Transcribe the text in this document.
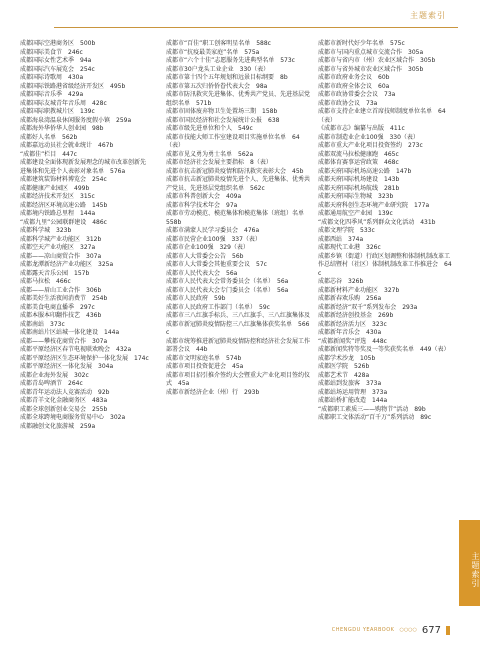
主题索引
成都国际空港商务区　500b
成都国际美食节　246c
成都国际女性艺术季　94a
成都国际汽车展览会　254c
成都国际诗歌周　430a
成都国际铁路港省级经济开发区　495b
成都国际音乐季　429a
成都国际友城青年音乐周　428c
成都国际职教城片区　139c
成都海泉湾温泉休闲服务度假小镇　259a
成都海外华侨华人创业园　98b
成都好人名单　562b
成都嘉远动员社会就业统计　467b
“成都佳”栏目　447c
成都建设全面体现新发展理念的城市改革创新先进集体和先进个人表彰对象名单　576a
成都建筑装饰材料博览会　254c
成都健康产业园区　499b
成都经济技术开发区　315c
成都经济区环境高速公路　145b
成都境内铁路总里程　144a
“成都九里”公园联群建设　486c
成都科学城　323b
成都科学城产业功能区　312b
成都空天产业功能区　327a
成都——凉山商贸合作　307a
成都龙潭新经济产业功能区　325a
成都露天音乐公园　157b
成都马拉松　466c
成都——眉山工业合作　306b
成都美好生活夜间消费节　254b
成都美食电商直播季　297c
成都本服本印翻作技艺　436b
成都南站　373c
成都南站片区站城一体化建设　144a
成都——攀枝花商贸合作　307a
成都平原经济区春节电视联欢晚会　432a
成都平原经济区生态环境保护一体化发展　174c
成都平原经济区一体化发展　304a
成都企业海外发展　302c
成都青岛啤酒节　264c
成都青年运动法人竞赛活动　92b
成都青羊文化金融商务区　483a
成都全球创新创业交易会　255b
成都全球跨境电商服务贸易中心　302a
成都融创文化旅游城　259a
成都市“百佳”职工创客明星名单　588c
成都市“抗疫最美家庭”名单　575a
成都市“六个十佳”志愿服务先进典型名单　573c
成都市30户龙头工业企业　330（表）
成都市第十四个五年规划和远景目标纲要　8b
成都市第五次归侨侨眷代表大会　98a
成都市防汛救灾先进集体、优秀共产党员、先进基层党组织名单　571b
成都市固体废弃物卫生处置场三期　158b
成都市国民经济和社会发展统计公报　638
成都市级先进单位和个人　549c
成都市技能大师工作室建设项目实施单位名单　64（表）
成都市见义勇为勇士名单　562a
成都市经济社会发展主要指标　8（表）
成都市抗击新冠肺炎疫情和防汛救灾表彰大会　45b
成都市抗击新冠肺炎疫情先进个人、先进集体、优秀共产党员、先进基层党组织名单　562c
成都市科普创新大会　409a
成都市科学技术年会　97a
成都市劳动模范、模范集体和模范集体（班组）名单　558b
成都市满蒙人民学习委员会　476a
成都市民营企业100强　337（表）
成都市企业100强　329（表）
成都市人大常委会公告　56b
成都市人大常委会其他重要会议　57c
成都市人民代表大会　56a
成都市人民代表大会常务委员会（名单）　56a
成都市人民代表大会专门委员会（名单）　56a
成都市人民政府　59b
成都市人民政府工作部门（名单）　59c
成都市三八红旗手标兵、三八红旗手、三八红旗集体及成都市新冠肺炎疫情防控三八红旗集体获奖名单　566c
成都市统筹推进新冠肺炎疫情防控和经济社会发展工作部署会议　44b
成都市文明家庭名单　574b
成都市项目投资促进会　45a
成都市项目招引推介签约大会暨重大产业化项目签约仪式　45a
成都市新经济企业（州）行　293b
成都市新时代好少年名单　575c
成都市与国内重点城市交流合作　305a
成都市与省内市（州）农业区域合作　305b
成都市与省外城市农业区域合作　305b
成都市政府业务会议　60b
成都市政府全体会议　60a
成都市政协常委会会议　73a
成都市政协会议　73a
成都市支持企业建立首席技师制度单位名单　64（表）
《成都市志》编纂与出版　411c
成都市制造业企业100强　330（表）
成都市重大产业化项目投资签约　273c
成都双流马拉松健康跑　465c
成都体育赛事运营政策　468c
成都天府国际机场高速公路　147b
成都天府国际机场建设　143b
成都天府国际机场航线　281b
成都天府国际生物城　323b
成都天府科创生态环境产业研究院　177a
成都通用航空产业园　139c
“成都文化四季风”系列群众文化活动　431b
成都文理学院　533c
成都西站　374a
成都现代工业港　326c
成都乡镇（街道）行政区划调整和体制机制改革工作总结暨村（社区）体制机制改革工作推进会　64c
成都芯谷　326b
成都新材料产业功能区　327b
成都新春欢乐购　256a
成都新经济“双千”系列发布会　293a
成都新经济创投基金　269b
成都新经济活力区　323c
成都新年音乐会　430a
“成都新闻奖”评选　448c
成都新闻奖特等奖及一等奖获奖名单　449（表）
成都学术沙龙　105b
成都医学院　526b
成都艺术节　428a
成都站到发旅客　373a
成都站场运用管理　373a
成都站桥扩能改造　144a
“成都职工素质三——购物节”活动　89b
成都职工文体活动“百千万”系列活动　89c
主题索引
CHENGDU YEARBOOK ○○○○ 677
